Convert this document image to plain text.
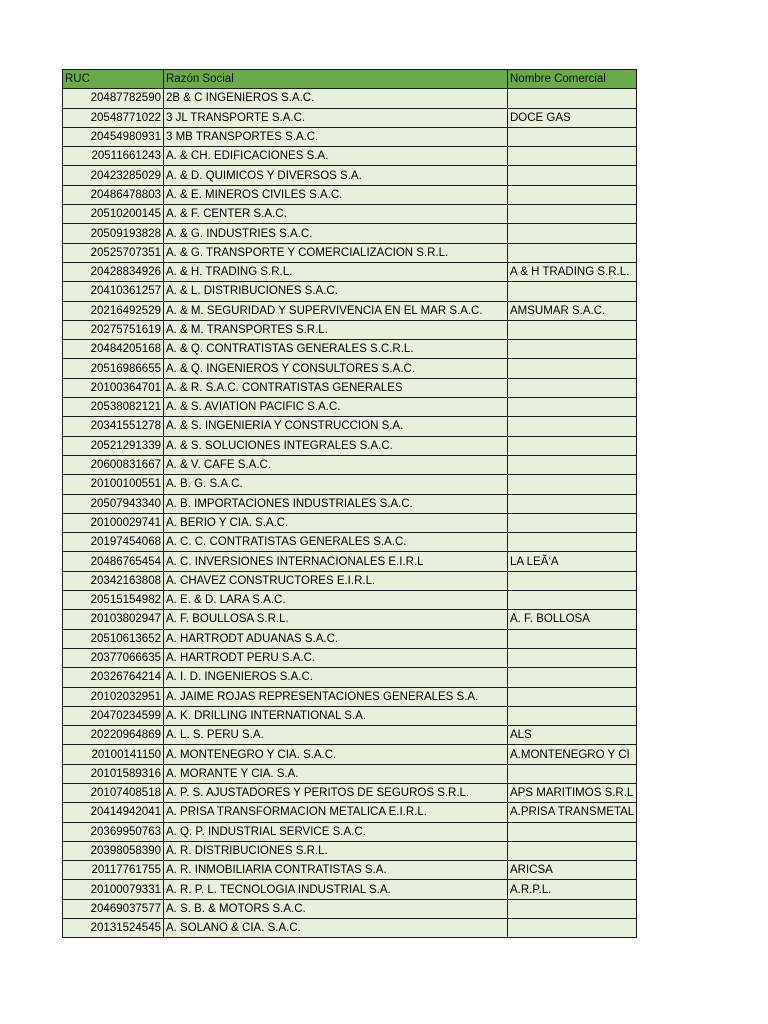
RUC	Razón Social	Nombre Comercial
20487782590	2B & C INGENIEROS S.A.C.	
20548771022	3 JL TRANSPORTE S.A.C.	DOCE GAS
20454980931	3 MB TRANSPORTES S.A.C.	
20511661243	A. & CH. EDIFICACIONES S.A.	
20423285029	A. & D. QUIMICOS Y DIVERSOS S.A.	
20486478803	A. & E. MINEROS CIVILES S.A.C.	
20510200145	A. & F. CENTER S.A.C.	
20509193828	A. & G. INDUSTRIES S.A.C.	
20525707351	A. & G. TRANSPORTE Y COMERCIALIZACION S.R.L.	
20428834926	A. & H. TRADING S.R.L.	A & H TRADING S.R.L.
20410361257	A. & L. DISTRIBUCIONES S.A.C.	
20216492529	A. & M. SEGURIDAD Y SUPERVIVENCIA EN EL MAR S.A.C.	AMSUMAR S.A.C.
20275751619	A. & M. TRANSPORTES S.R.L.	
20484205168	A. & Q. CONTRATISTAS GENERALES S.C.R.L.	
20516986655	A. & Q. INGENIEROS Y CONSULTORES S.A.C.	
20100364701	A. & R. S.A.C. CONTRATISTAS GENERALES	
20538082121	A. & S. AVIATION PACIFIC S.A.C.	
20341551278	A. & S. INGENIERIA Y CONSTRUCCION S.A.	
20521291339	A. & S. SOLUCIONES INTEGRALES S.A.C.	
20600831667	A. & V. CAFE S.A.C.	
20100100551	A. B. G. S.A.C.	
20507943340	A. B. IMPORTACIONES INDUSTRIALES S.A.C.	
20100029741	A. BERIO Y CIA. S.A.C.	
20197454068	A. C. C. CONTRATISTAS GENERALES S.A.C.	
20486765454	A. C. INVERSIONES INTERNACIONALES E.I.R.L	LA LEÃ‘A
20342163808	A. CHAVEZ CONSTRUCTORES E.I.R.L.	
20515154982	A. E. & D. LARA S.A.C.	
20103802947	A. F. BOULLOSA S.R.L.	A. F. BOLLOSA
20510613652	A. HARTRODT ADUANAS S.A.C.	
20377066635	A. HARTRODT PERU S.A.C.	
20326764214	A. I. D. INGENIEROS S.A.C.	
20102032951	A. JAIME ROJAS REPRESENTACIONES GENERALES S.A.	
20470234599	A. K. DRILLING INTERNATIONAL S.A.	
20220964869	A. L. S. PERU S.A.	ALS
20100141150	A. MONTENEGRO Y CIA. S.A.C.	A.MONTENEGRO Y CI
20101589316	A. MORANTE Y CIA. S.A.	
20107408518	A. P. S. AJUSTADORES Y PERITOS DE SEGUROS S.R.L.	APS MARITIMOS S.R.L
20414942041	A. PRISA TRANSFORMACION METALICA E.I.R.L.	A.PRISA TRANSMETAL
20369950763	A. Q. P. INDUSTRIAL SERVICE S.A.C.	
20398058390	A. R. DISTRIBUCIONES S.R.L.	
20117761755	A. R. INMOBILIARIA CONTRATISTAS S.A.	ARICSA
20100079331	A. R. P. L. TECNOLOGIA INDUSTRIAL S.A.	A.R.P.L.
20469037577	A. S. B. & MOTORS S.A.C.	
20131524545	A. SOLANO & CIA. S.A.C.	
